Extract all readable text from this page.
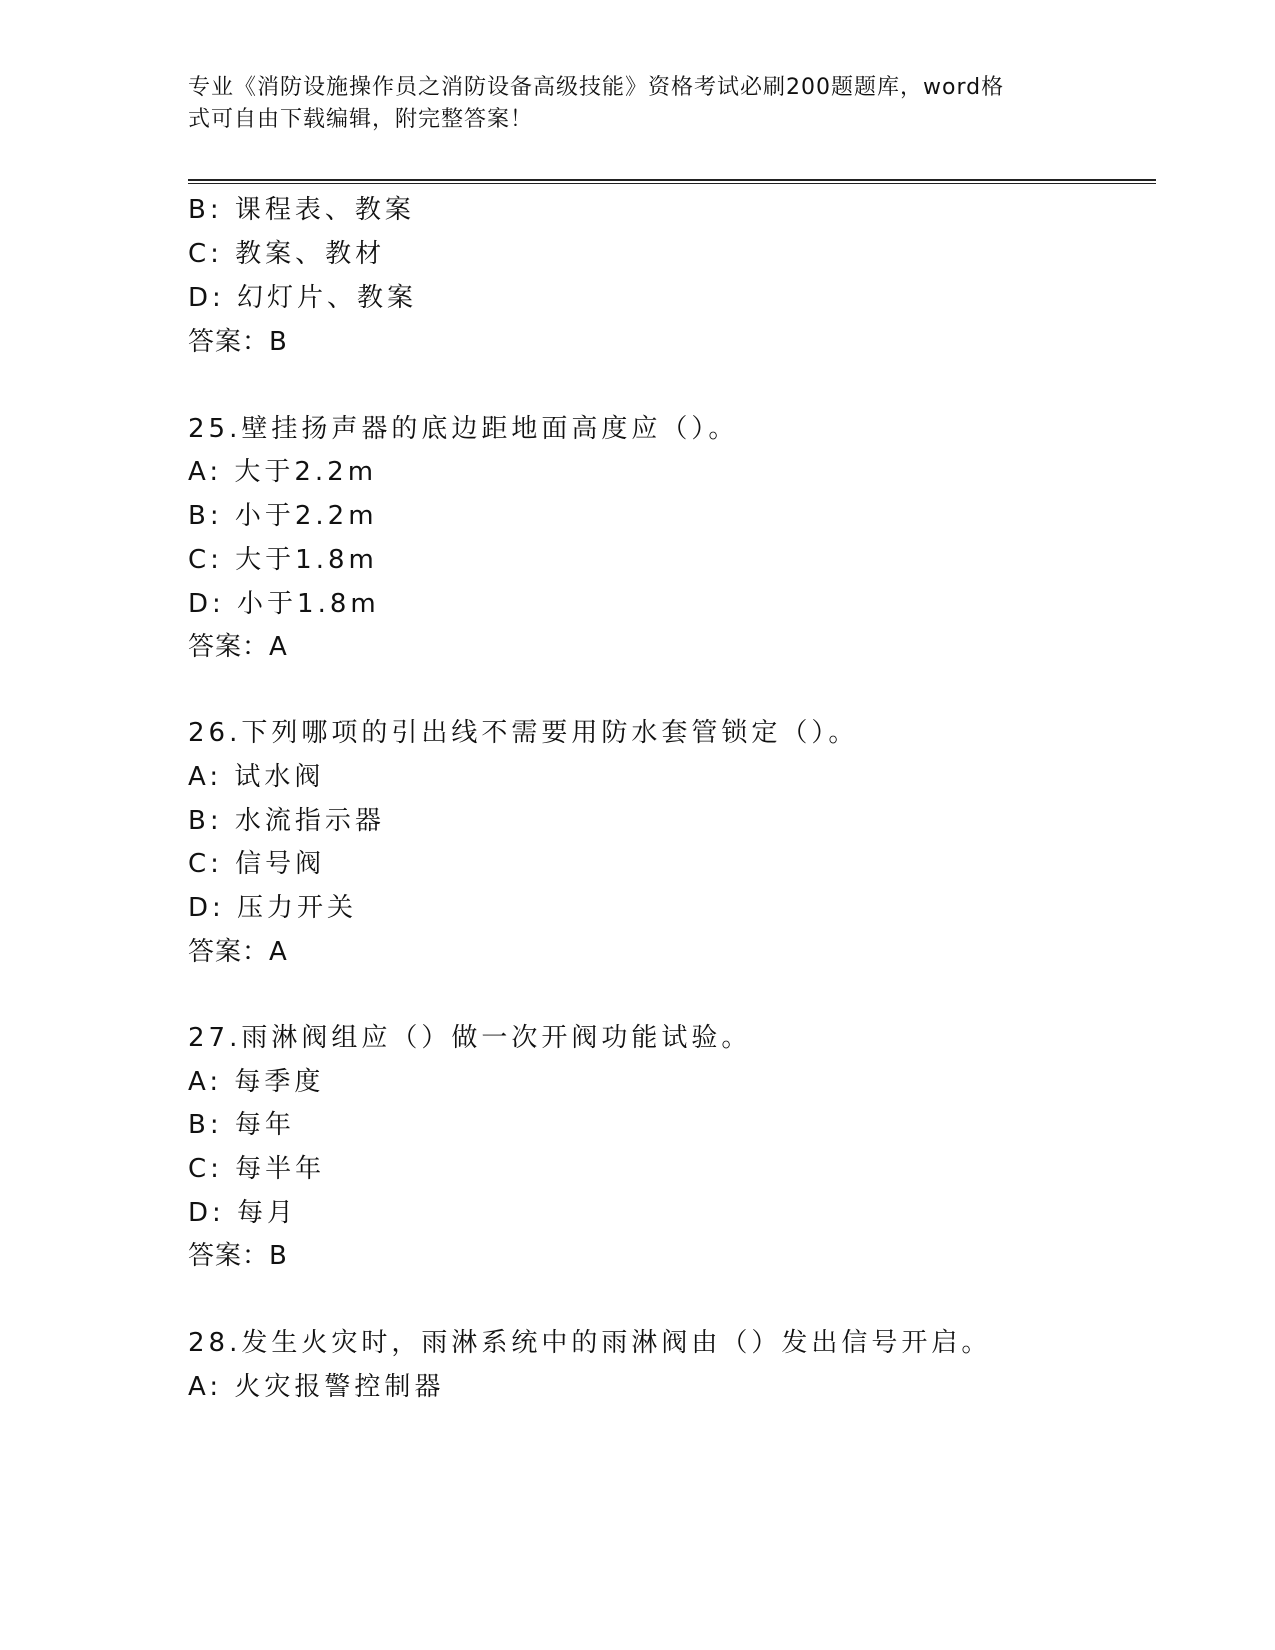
专业《消防设施操作员之消防设备高级技能》资格考试必刷200题题库，word格
式可自由下载编辑，附完整答案！
B: 课程表、教案
C: 教案、教材
D: 幻灯片、教案
答案：B
25.壁挂扬声器的底边距地面高度应（）。
A: 大于2.2m
B: 小于2.2m
C: 大于1.8m
D: 小于1.8m
答案：A
26.下列哪项的引出线不需要用防水套管锁定（）。
A: 试水阀
B: 水流指示器
C: 信号阀
D: 压力开关
答案：A
27.雨淋阀组应（）做一次开阀功能试验。
A: 每季度
B: 每年
C: 每半年
D: 每月
答案：B
28.发生火灾时，雨淋系统中的雨淋阀由（）发出信号开启。
A: 火灾报警控制器
